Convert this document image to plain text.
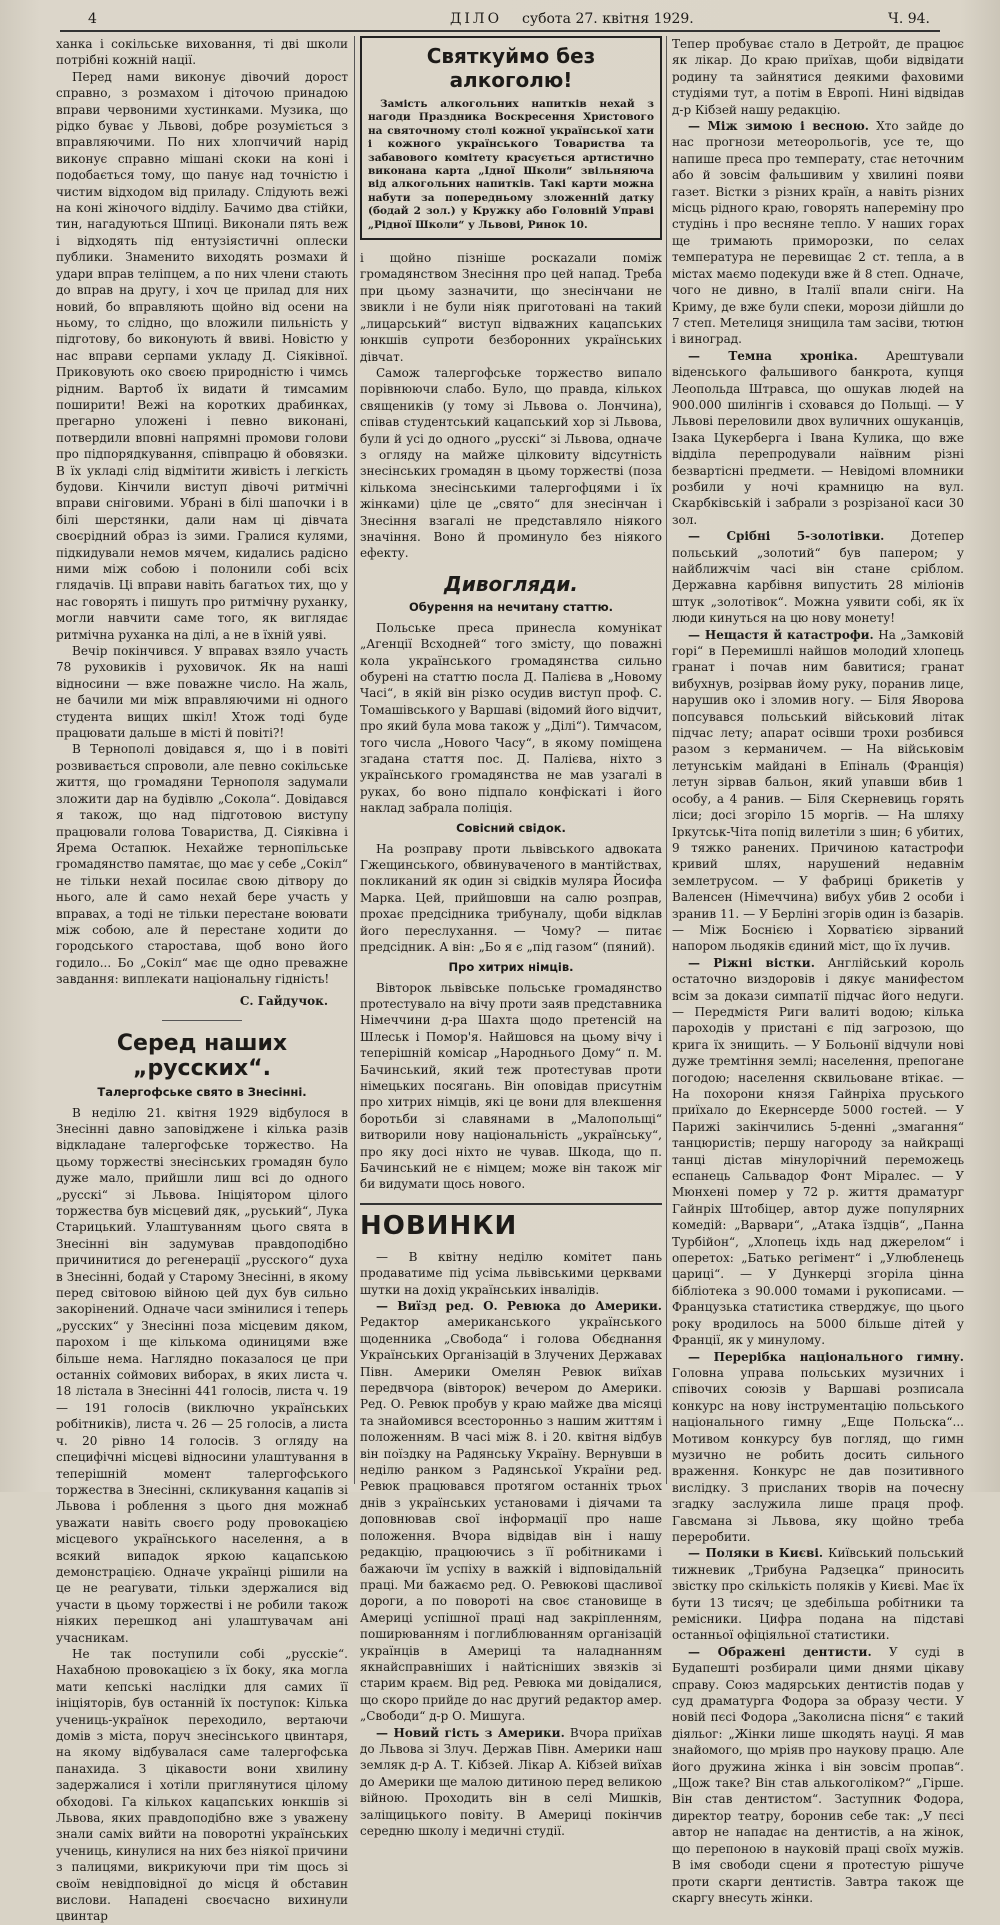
4	ДІЛО субота 27. квітня 1929.	Ч. 94.

ханка і сокільське виховання, ті дві школи потрібні кожній нації.

Перед нами виконує дівочий дорост справно, з розмахом і діточою принадою вправи червоними хустинками. Музика, що рідко буває у Львові, добре розуміється з вправляючими. По них хлопчичий нарід виконує справно мішані скоки на коні і подобається тому, що панує над точністю і чистим відходом від приладу. Слідують вежі на коні жіночого відділу. Бачимо два стійки, тин, нагадуються Шпиці. Виконали пять веж і відходять під ентузіястичні оплески публики. Знаменито виходять розмахи й удари вправ теліпцем, а по них члени стають до вправ на другу, і хоч це прилад для них новий, бо вправляють щойно від осени на ньому, то слідно, що вложили пильність у підготову, бо виконують й ввиві. Новістю у нас вправи серпами укладу Д. Сіяківної. Приковують око своєю природністю і чимсь рідним. Вартоб їх видати й тимсамим поширити! Вежі на коротких драбинках, прегарно уложені і певно виконані, потвердили вповні напрямні промови голови про підпорядкування, співпрацю й обовязки. В їх укладі слід відмітити живість і легкість будови. Кінчили виступ дівочі ритмічні вправи сніговими. Убрані в білі шапочки і в білі шерстянки, дали нам ці дівчата своєрідний образ із зими. Гралися кулями, підкидували немов мячем, кидались радісно ними між собою і полонили собі всіх глядачів. Ці вправи навіть багатьох тих, що у нас говорять і пишуть про ритмічну руханку, могли навчити саме того, як виглядає ритмічна руханка на ділі, а не в їхній уяві.

Вечір покінчився. У вправах взяло участь 78 руховиків і руховичок. Як на наші відносини — вже поважне число. На жаль, не бачили ми між вправляючими ні одного студента вищих шкіл! Хтож тоді буде працювати дальше в місті й повіті?!

В Тернополі довідався я, що і в повіті розвивається спроволи, але певно сокільське життя, що громадяни Тернополя задумали зложити дар на будівлю „Сокола“. Довідався я також, що над підготовою виступу працювали голова Товариства, Д. Сіяківна і Ярема Остапюк. Нехайже тернопільське громадянство памятає, що має у себе „Сокіл“ не тільки нехай посилає свою дітвору до нього, але й само нехай бере участь у вправах, а тоді не тільки перестане воювати між собою, але й перестане ходити до городського старостава, щоб воно його годило... Бо „Сокіл“ має ще одно преважне завдання: виплекати національну гідність!

С. Гайдучок.
Серед наших „русских“.
Талергофське свято в Знесінні.

В неділю 21. квітня 1929 відбулося в Знесінні давно заповіджене і кілька разів відкладане талергофське торжество. На цьому торжестві знесінських громадян було дуже мало, прийшли лиш всі до одного „русскі“ зі Львова. Ініціятором цілого торжества був місцевий дяк, „руський“, Лука Старицький. Улаштуванням цього свята в Знесінні він задумував правдоподібно причинитися до регенерації „русского“ духа в Знесінні, бодай у Старому Знесінні, в якому перед світовою війною цей дух був сильно закорінений. Одначе часи змінилися і теперь „русских“ у Знесінні поза місцевим дяком, парохом і ще кількома одиницями вже більше нема. Наглядно показалося це при останніх соймових виборах, в яких листа ч. 18 лістала в Знесінні 441 голосів, листа ч. 19 — 191 голосів (виключно українських робітників), листа ч. 26 — 25 голосів, а листа ч. 20 рівно 14 голосів. З огляду на специфічні місцеві відносини улаштування в теперішній момент талергофського торжества в Знесінні, скликування кацапів зі Львова і роблення з цього дня можнаб уважати навіть своєго роду провокацією місцевого українського населення, а в всякий випадок яркою кацапською демонстрацією. Одначе українці рішили на це не реагувати, тільки здержалися від участи в цьому торжестві і не робили також ніяких перешкод ані улаштувачам ані учасникам.

Не так поступили собі „русскіе“. Нахабною провокацією з їх боку, яка могла мати кепські наслідки для самих її ініціяторів, був останній їх поступок: Кілька учениць-українок переходило, вертаючи домів з міста, поруч знесінського цвинтаря, на якому відбувалася саме талергофська панахида. З цікавости вони хвилину задержалися і хотіли приглянутися цілому обходові. Га кількох кацапських юнкшів зі Львова, яких правдоподібно вже з уважену знали саміх вийти на поворотні українських учениць, кинулися на них без ніякої причини з палицями, викрикуючи при тім щось зі своїм невідповідної до місця й обставин вислови. Нападені своєчасно вихинули цвинтар

Святкуймо без алкоголю!

Замість алкогольних напитків нехай з нагоди Праздника Воскресення Христового на святочному столі кожної української хати і кожного українського Товариства та забавового комітету красується артистично виконана карта „Ідної Школи“ звільняюча від алкогольних напитків. Такі карти можна набути за попередньому зложенній датку (бодай 2 зол.) у Кружку або Головній Управі „Рідної Школи“ у Львові, Ринок 10.

і щойно пізніше роскazали поміж громадянством Знесіння про цей напад. Треба при цьому зазначити, що знесінчани не звикли і не були ніяк приготовані на такий „лицарський“ виступ відважних кацапських юнкшів супроти безборонних українських дівчат.

Самож талергофське торжество випало порівнюючи слабо. Було, що правда, кількох священиків (у тому зі Львова о. Лончина), співав студентський кацапський хор зі Львова, були й усі до одного „русскі“ зі Львова, одначе з огляду на майже цілковиту відсутність знесінських громадян в цьому торжестві (поза кількома знесінськими талергофцями і їх жінками) ціле це „свято“ для знесінчан і Знесіння взагалі не представляло ніякого значіння. Воно й проминуло без ніякого ефекту.

Дивогляди.
Обурення на нечитану статтю.

Польське преса принесла комунікат „Агенції Всходней“ того змісту, що поважні кола українського громадянства сильно обурені на статтю посла Д. Палієва в „Новому Часі“, в якій він різко осудив виступ проф. С. Томашівського у Варшаві (відомий його відчит, про який була мова також у „Ділі“). Тимчасом, того числа „Нового Часу“, в якому поміщена згадана стаття пос. Д. Палієва, ніхто з українського громадянства не мав узагалі в руках, бо воно підпало конфіскаті і його наклад забрала поліція.

Совісний свідок.

На розправу проти львівського адвоката Гжещинського, обвинуваченого в мантійствах, покликаний як один зі свідків муляра Йосифа Марка. Цей, прийшовши на салю розправ, прохає предсідника трибуналу, щоби відклав його переслухання. — Чому? — питає предсідник. А він: „Бо я є „під газом“ (пяний).

Про хитрих німців.

Вівторок львівське польське громадянство протестувало на вічу проти заяв представника Німеччини д-ра Шахта щодо претенсій на Шлеськ і Помор'я. Найшовся на цьому вічу і теперішній комісар „Народнього Дому“ п. М. Бачинський, який теж протестував проти німецьких посягань. Він оповідав присутнім про хитрих німців, які це вони для влекшення боротьби зі славянами в „Малопольщі“ витворили нову національність „українську“, про яку досі ніхто не чував. Шкода, що п. Бачинський не є німцем; може він також міг би видумати щось нового.

НОВИНКИ

— В квітну неділю комітет пань продаватиме під усіма львівськими церквами шутки на дохід українських інвалідів.

— Виїзд ред. О. Ревюка до Америки. Редактор американського українського щоденника „Свобода“ і голова Обєднання Українських Організацій в Злучених Державах Півн. Америки Омелян Ревюк виїхав передвчора (вівторок) вечером до Америки. Ред. О. Ревюк пробув у краю майже два місяці та знайомився всесторонньо з нашим життям і положенням. В часі між 8. і 20. квітня відбув він поїздку на Радянську Україну. Вернувши в неділю ранком з Радянської України ред. Ревюк працювався протягом останніх трьох днів з українських установами і діячами та доповнював свої інформації про наше положення. Вчора відвідав він і нашу редакцію, працюючись з її робітниками і бажаючи їм успіху в важкій і відповідальній праці. Ми бажаємо ред. О. Ревюкові щасливої дороги, а по повороті на своє становище в Америці успішної праці над закріпленням, поширюванням і поглиблюванням організацій українців в Америці та наладнанням якнайсправніших і найтісніших звязків зі старим краєм. Від ред. Ревюка ми довідалися, що скоро прийде до нас другий редактор амер. „Свободи“ д-р О. Мишуга.

— Новий гість з Америки. Вчора приїхав до Львова зі Злуч. Держав Півн. Америки наш земляк д-р А. Т. Кібзей. Лікар А. Кібзей виїхав до Америки ще малою дитиною перед великою війною. Проходить він в селі Мишків, заліщицького повіту. В Америці покінчив середню школу і медичні студії.

Тепер пробуває стало в Детройт, де працює як лікар. До краю приїхав, щоби відвідати родину та зайнятися деякими фаховими студіями тут, а потім в Европі. Нині відвідав д-р Кібзей нашу редакцію.

— Між зимою і весною. Хто зайде до нас прогнози метеорольогів, усе те, що напише преса про температу, стає неточним або й зовсім фальшивим у хвилині появи газет. Вістки з різних країн, а навіть різних місць рідного краю, говорять напереміну про студінь і про весняне тепло. У наших горах ще тримають приморозки, по селах температура не перевищає 2 ст. тепла, а в містах маємо подекуди вже й 8 степ. Одначе, чого не дивно, в Італії впали сніги. На Криму, де вже були спеки, морози дійшли до 7 степ. Метелиця знищила там засіви, тютюн і виноград.

— Темна хроніка. Арештували віденського фальшивого банкрота, купця Леопольда Штравса, що ошукав людей на 900.000 шилінгів і сховався до Польщі. — У Львові переловили двох вуличних ошуканців, Ізака Цукерберга і Івана Кулика, що вже відділа перепродували наївним різні безвартісні предмети. — Невідомі вломники розбили у ночі крамницю на вул. Скарбківській і забрали з розрізаної каси 30 зол.

— Срібні 5-золотівки. Дотепер польський „золотий“ був папером; у найближчім часі він стане сріблом. Державна карбівня випустить 28 міліонів штук „золотівок“. Можна уявити собі, як їх люди кинуться на цю нову монету!

— Нещастя й катастрофи. На „Замковій горі“ в Перемишлі найшов молодий хлопець гранат і почав ним бавитися; гранат вибухнув, розірвав йому руку, поранив лице, нарушив око і зломив ногу. — Біля Яворова попсувався польський військовий літак підчас лету; апарат осівши трохи розбився разом з керманичем. — На військовім летунськім майдані в Епіналь (Франція) летун зірвав бальон, який упавши вбив 1 особу, а 4 ранив. — Біля Скерневиць горять ліси; досі згоріло 15 моргів. — На шляху Іркутськ-Чіта попід вилетіли з шин; 6 убитих, 9 тяжко ранених. Причиною катастрофи кривий шлях, нарушений недавнім землетрусом. — У фабриці брикетів у Валенсен (Німеччина) вибух убив 2 особи і зранив 11. — У Берліні згорів один із базарів. — Між Боснією і Хорватією зірваний напором льодяків єдиний міст, що їх лучив.

— Ріжні вістки. Англійський король остаточно виздоровів і дякує манифестом всім за докази симпатії підчас його недуги. — Передмістя Риги валиті водою; кілька пароходів у пристані є під загрозою, що крига їх знищить. — У Больонії відчули нові дуже тремтіння землі; населення, препогане погодою; населення сквильоване втікає. — На похорони князя Гайнріха пруського приїхало до Екернсерде 5000 гостей. — У Парижі закінчились 5-денні „змагання“ танцюристів; першу нагороду за найкращі танці дістав мінулорічний переможець еспанець Сальвадор Фонт Міралес. — У Мюнхені помер у 72 р. життя драматург Гайнріх Штобіцер, автор дуже популярних комедій: „Варвари“, „Атака їздців“, „Панна Турбійон“, „Хлопець іхдь над джерелом“ і оперетох: „Батько регімент“ і „Улюбленець цариці“. — У Дункерці згоріла цінна бібліотека з 90.000 томами і рукописами. — Французька статистика стверджує, що цього року вродилось на 5000 більше дітей у Франції, як у минулому.

— Перерібка національного гимну. Головна управа польських музичних і співочих союзів у Варшаві розписала конкурс на нову інструментацію польського національного гимну „Еще Польска“... Мотивом конкурсу був погляд, що гимн музично не робить досить сильного враження. Конкурс не дав позитивного вислідку. З присланих творів на почесну згадку заслужила лише праця проф. Гавсмана зі Львова, яку щойно треба переробити.

— Поляки в Києві. Київський польський тижневик „Трибуна Радзецка“ приносить звістку про скількість поляків у Києві. Має їх бути 13 тисяч; це здебільша робітники та ремісники. Цифра подана на підставі останньої офіціяльної статистики.

— Ображені дентисти. У суді в Будапешті розбирали цими днями цікаву справу. Союз мадярських дентистів подав у суд драматурга Фодора за образу чести. У новій пєсі Фодора „Заколисна пісня“ є такий діяльог: „Жінки лише шкодять науці. Я мав знайомого, що мріяв про наукову працю. Але його дружина жінка і він зовсім пропав“. „Щож таке? Він став алькоголіком?“ „Гірше. Він став дентистом“. Заступник Фодора, директор театру, боронив себе так: „У пєсі автор не нападає на дентистів, а на жінок, що перепоною в науковій праці своїх мужів. В імя свободи сцени я протестую рішуче проти скарги дентистів. Завтра також ще скаргу внесуть жінки.
